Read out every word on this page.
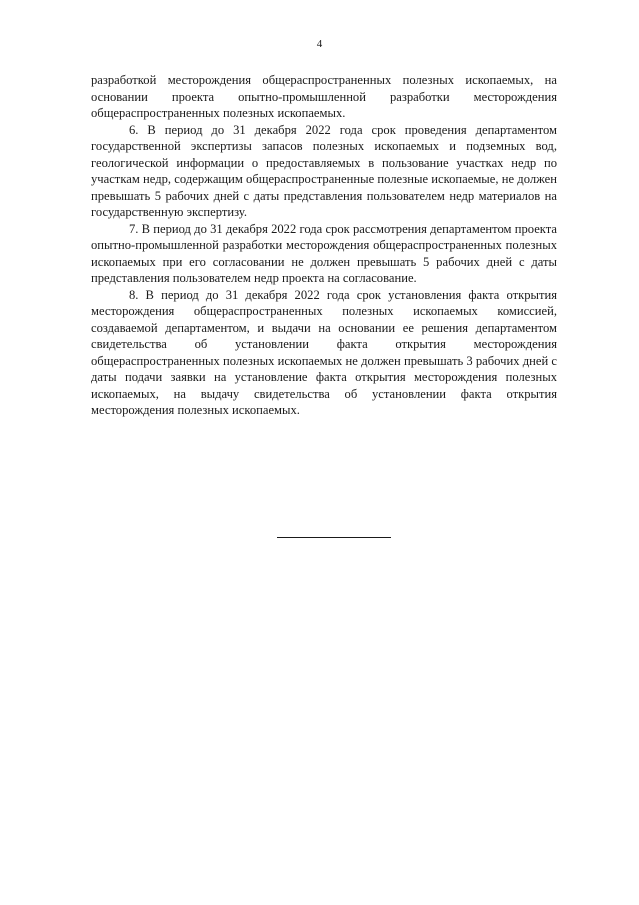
4

разработкой месторождения общераспространенных полезных ископаемых, на основании проекта опытно-промышленной разработки месторождения общераспространенных полезных ископаемых.

6. В период до 31 декабря 2022 года срок проведения департаментом государственной экспертизы запасов полезных ископаемых и подземных вод, геологической информации о предоставляемых в пользование участках недр по участкам недр, содержащим общераспространенные полезные ископаемые, не должен превышать 5 рабочих дней с даты представления пользователем недр материалов на государственную экспертизу.

7. В период до 31 декабря 2022 года срок рассмотрения департаментом проекта опытно-промышленной разработки месторождения общераспространенных полезных ископаемых при его согласовании не должен превышать 5 рабочих дней с даты представления пользователем недр проекта на согласование.

8. В период до 31 декабря 2022 года срок установления факта открытия месторождения общераспространенных полезных ископаемых комиссией, создаваемой департаментом, и выдачи на основании ее решения департаментом свидетельства об установлении факта открытия месторождения общераспространенных полезных ископаемых не должен превышать 3 рабочих дней с даты подачи заявки на установление факта открытия месторождения полезных ископаемых, на выдачу свидетельства об установлении факта открытия месторождения полезных ископаемых.
